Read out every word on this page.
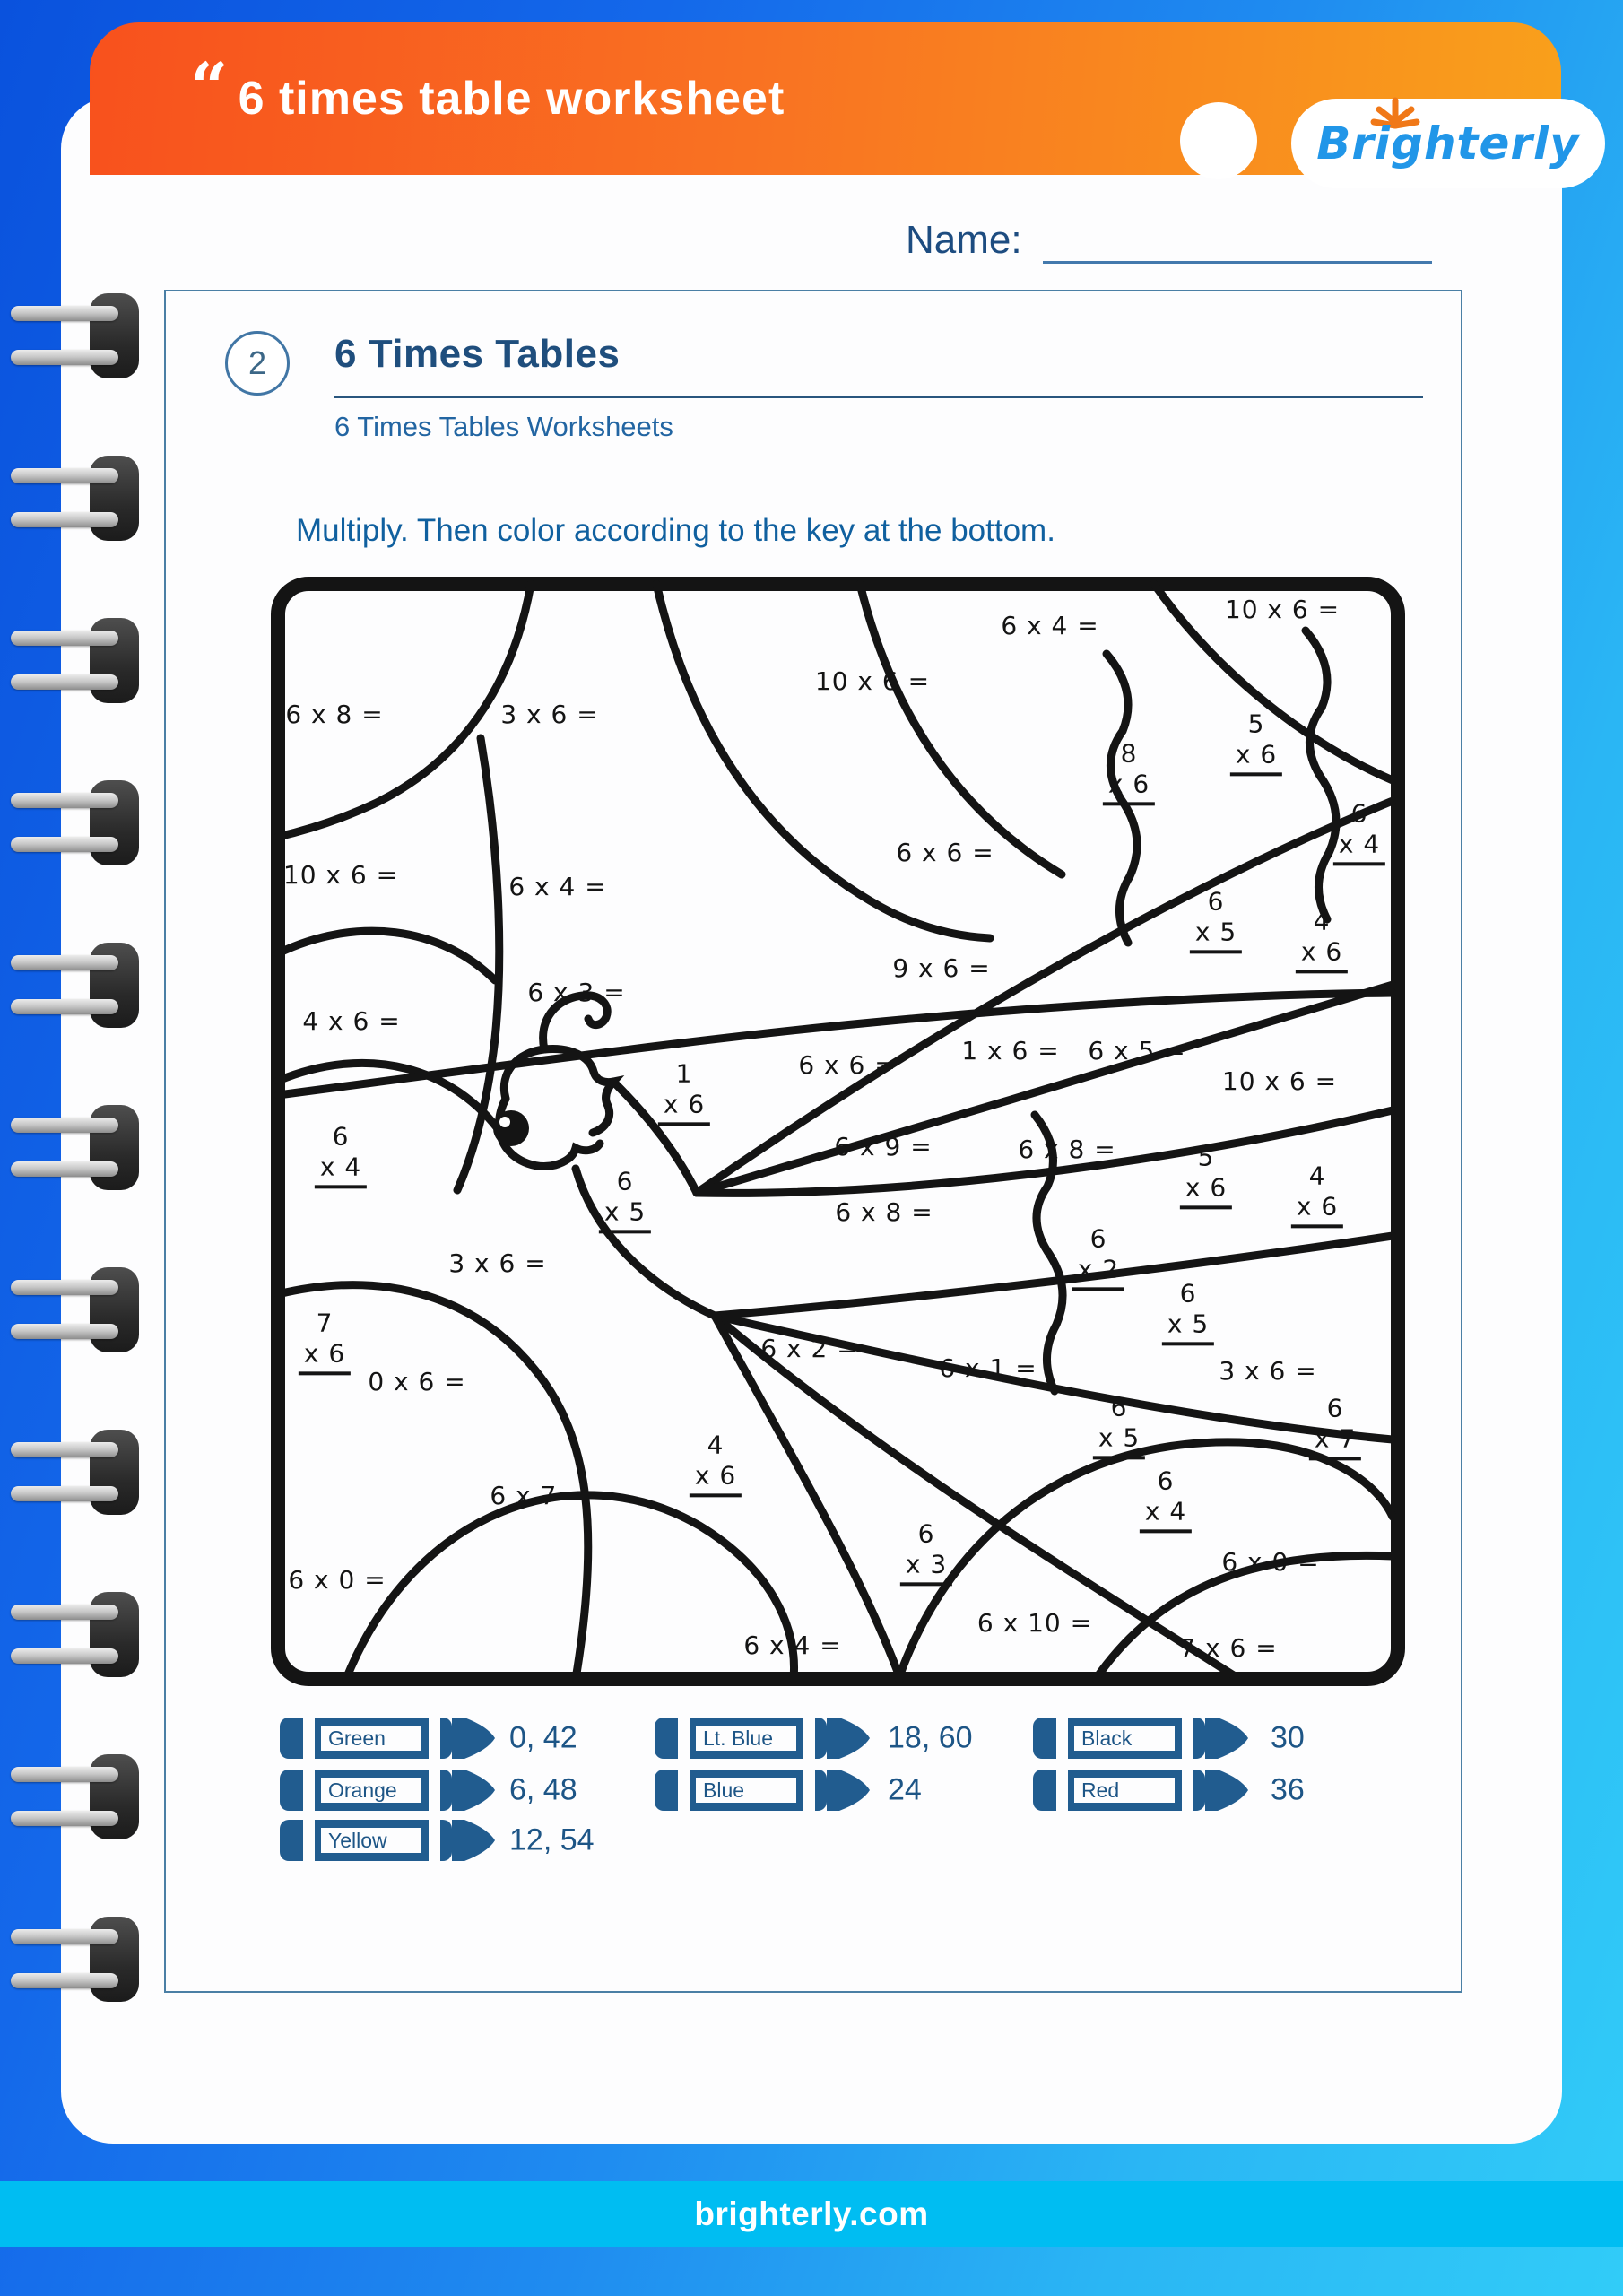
“ 6 times table worksheet
Brighterly
Name:
2 6 Times Tables
6 Times Tables Worksheets
Multiply. Then color according to the key at the bottom.
6 x 8 =	3 x 6 =
10 x 6 =
6 x 4 =
10 x 6 =
10 x 6 =	6 x 4 =
6 x 6 =
4 x 6 =
6 x 3 =
9 x 6 =
6 x 6 =	1 x 6 = 6 x 5 =
10 x 6 =
6 x 9 =	6 x 8 =
6 x 8 =
3 x 6 =
0 x 6 =
6 x 2 =
6 x 1 =	3 x 6 =
6 x 7 =
6 x 0 =
6 x 0 =
6 x 10 =
7 x 6 =
6 x 4 =
1
x 6
8
x 6
5
x 6
6
x 4
6
x 5	4
x 6
6
x 4	6
x 5
5
x 6	4
x 6
6
x 2
7
x 6
6
x 5
6
x 5
6
x 7
4
x 6	6
x 4
6
x 3
Green	0, 42
Orange	6, 48
Yellow	12, 54
Lt. Blue	18, 60
Blue	24
Black	30
Red	36
brighterly.com
